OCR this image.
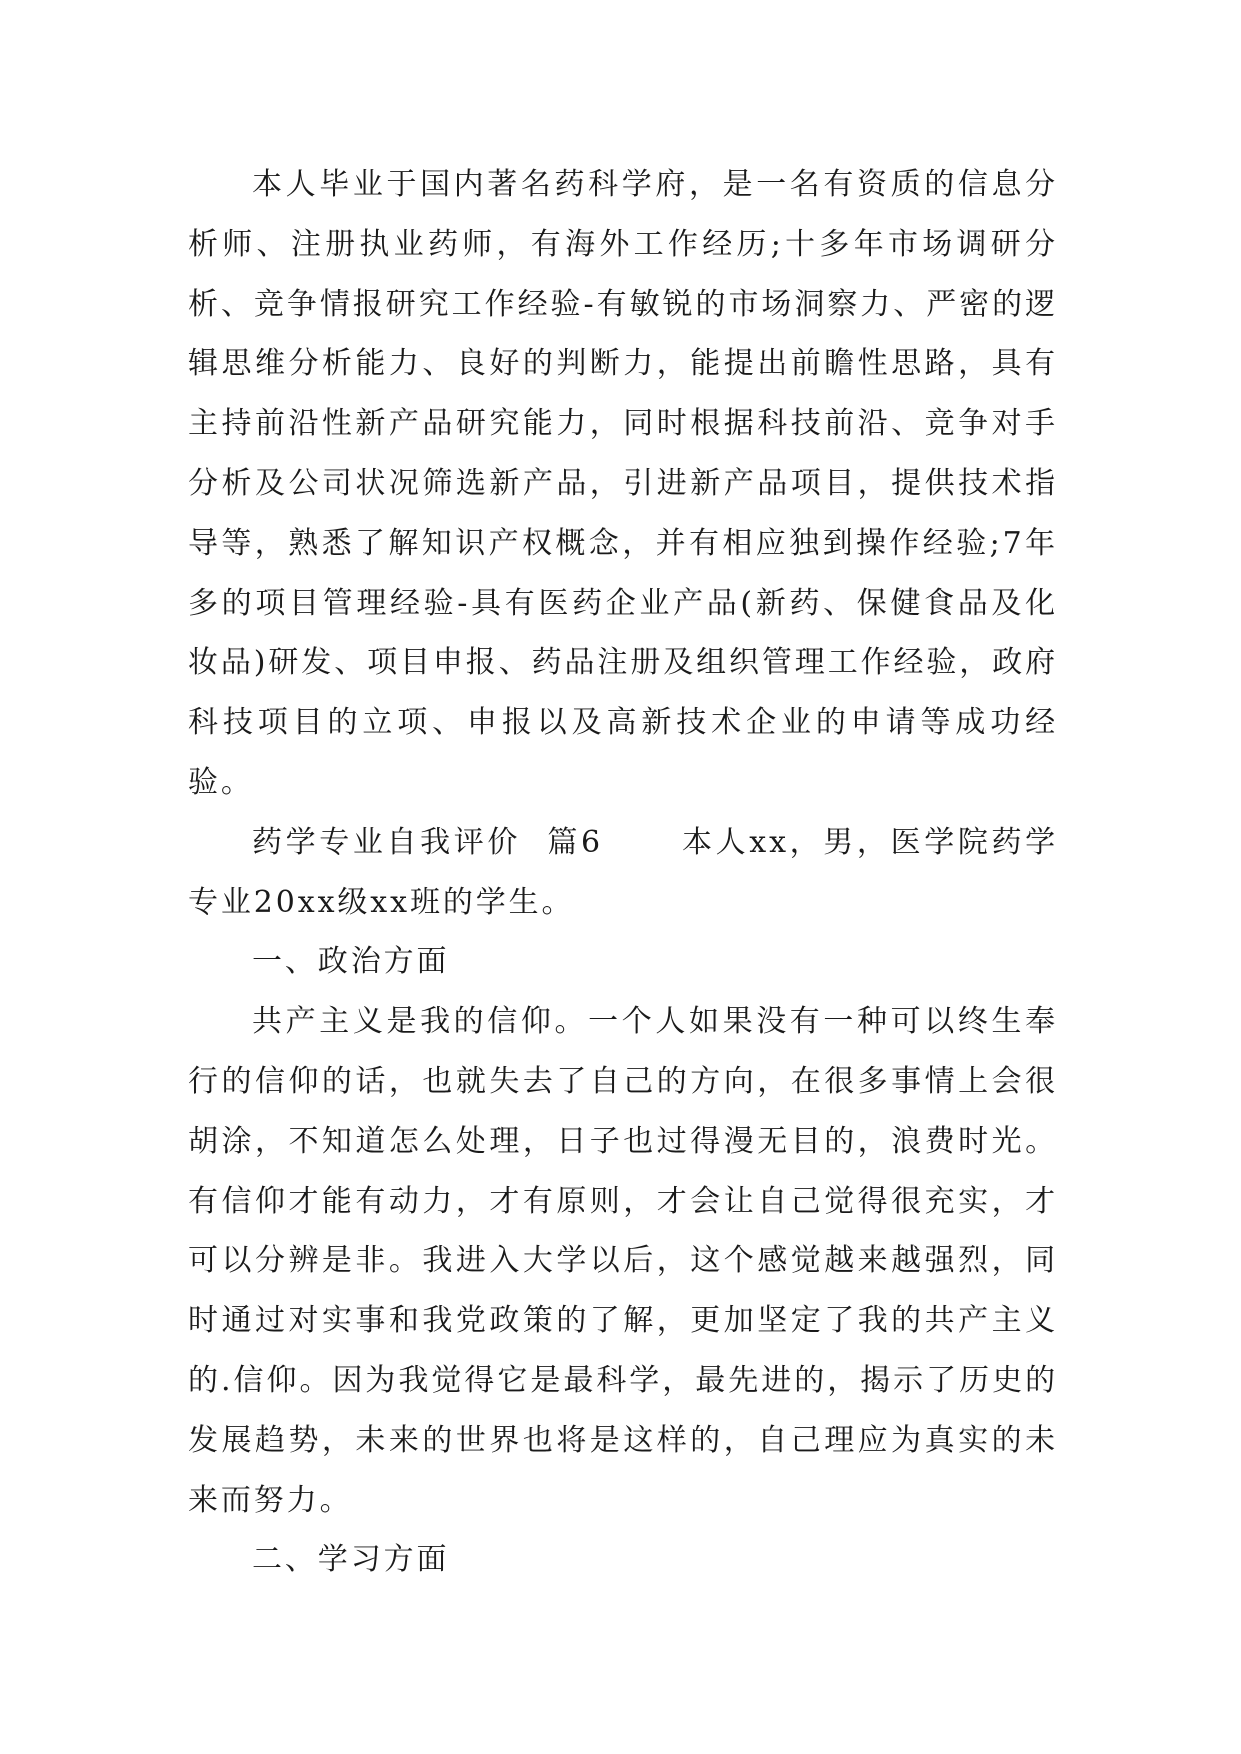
本人毕业于国内著名药科学府，是一名有资质的信息分析师、注册执业药师，有海外工作经历;十多年市场调研分析、竞争情报研究工作经验-有敏锐的市场洞察力、严密的逻辑思维分析能力、良好的判断力，能提出前瞻性思路，具有主持前沿性新产品研究能力，同时根据科技前沿、竞争对手分析及公司状况筛选新产品，引进新产品项目，提供技术指导等，熟悉了解知识产权概念，并有相应独到操作经验;7年多的项目管理经验-具有医药企业产品(新药、保健食品及化妆品)研发、项目申报、药品注册及组织管理工作经验，政府科技项目的立项、申报以及高新技术企业的申请等成功经验。

药学专业自我评价  篇6      本人xx，男，医学院药学专业20xx级xx班的学生。

一、政治方面

共产主义是我的信仰。一个人如果没有一种可以终生奉行的信仰的话，也就失去了自己的方向，在很多事情上会很胡涂，不知道怎么处理，日子也过得漫无目的，浪费时光。有信仰才能有动力，才有原则，才会让自己觉得很充实，才可以分辨是非。我进入大学以后，这个感觉越来越强烈，同时通过对实事和我党政策的了解，更加坚定了我的共产主义的.信仰。因为我觉得它是最科学，最先进的，揭示了历史的发展趋势，未来的世界也将是这样的，自己理应为真实的未来而努力。

二、学习方面
